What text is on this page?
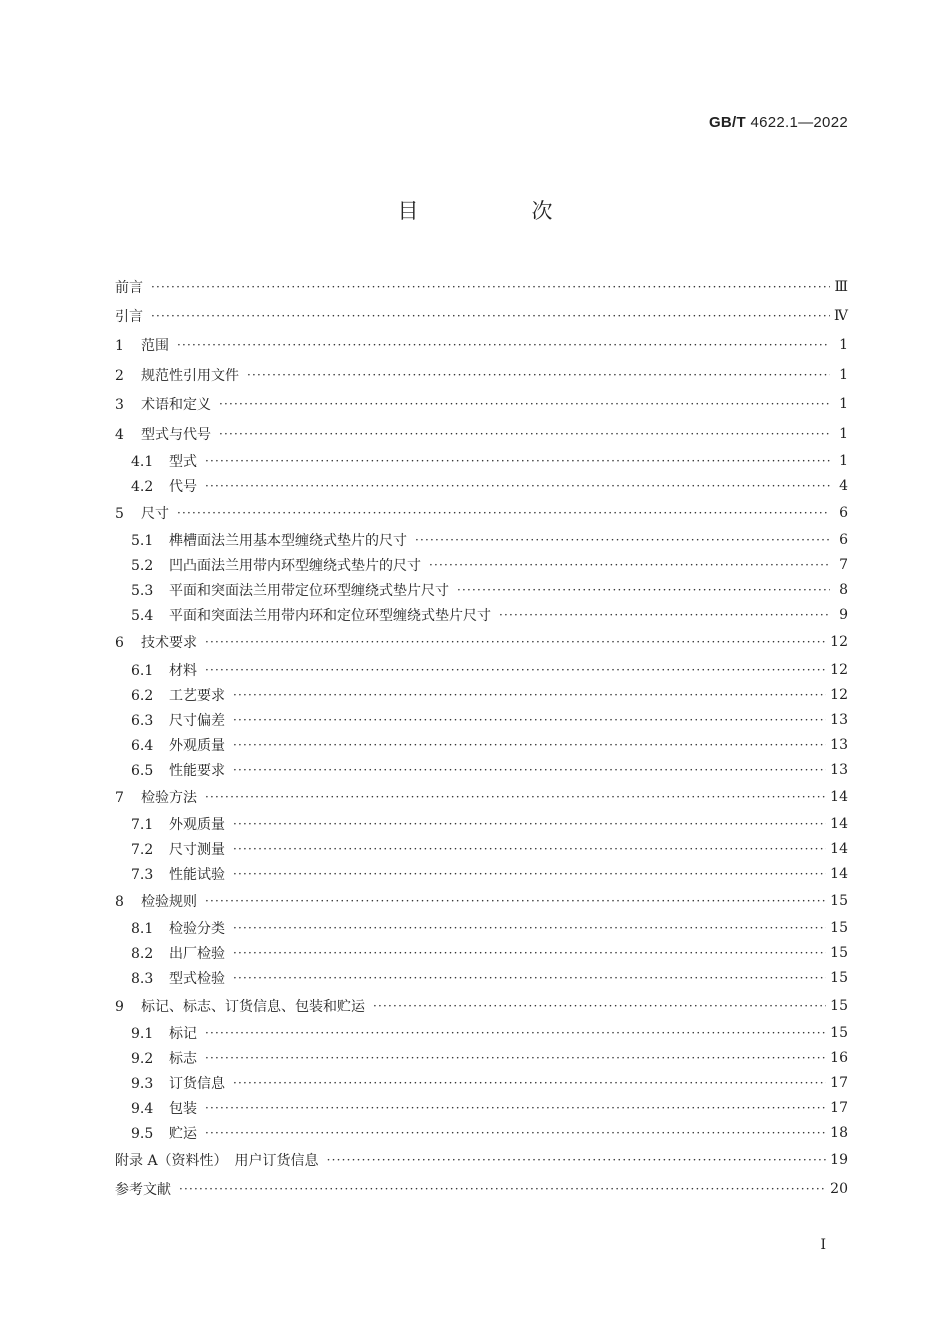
GB/T 4622.1—2022
目　次
前言 ·····	Ⅲ
引言 ·····	Ⅳ
1 范围 ·····	1
2 规范性引用文件 ·····	1
3 术语和定义 ·····	1
4 型式与代号 ·····	1
4.1 型式 ·····	1
4.2 代号 ·····	4
5 尺寸 ·····	6
5.1 榫槽面法兰用基本型缠绕式垫片的尺寸 ·····	6
5.2 凹凸面法兰用带内环型缠绕式垫片的尺寸 ·····	7
5.3 平面和突面法兰用带定位环型缠绕式垫片尺寸 ·····	8
5.4 平面和突面法兰用带内环和定位环型缠绕式垫片尺寸 ·····	9
6 技术要求 ·····	12
6.1 材料 ·····	12
6.2 工艺要求 ·····	12
6.3 尺寸偏差 ·····	13
6.4 外观质量 ·····	13
6.5 性能要求 ·····	13
7 检验方法 ·····	14
7.1 外观质量 ·····	14
7.2 尺寸测量 ·····	14
7.3 性能试验 ·····	14
8 检验规则 ·····	15
8.1 检验分类 ·····	15
8.2 出厂检验 ·····	15
8.3 型式检验 ·····	15
9 标记、标志、订货信息、包装和贮运 ·····	15
9.1 标记 ·····	15
9.2 标志 ·····	16
9.3 订货信息 ·····	17
9.4 包装 ·····	17
9.5 贮运 ·····	18
附录 A（资料性）　用户订货信息 ·····	19
参考文献 ·····	20
I
